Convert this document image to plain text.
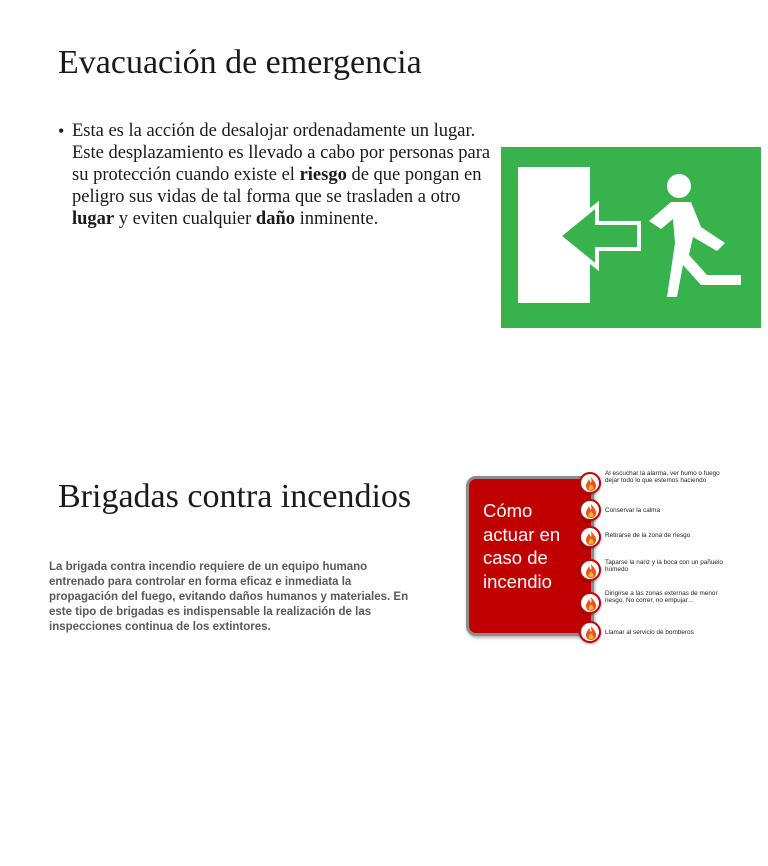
Evacuación de emergencia
• Esta es la acción de desalojar ordenadamente un lugar. Este desplazamiento es llevado a cabo por personas para su protección cuando existe el riesgo de que pongan en peligro sus vidas de tal forma que se trasladen a otro lugar y eviten cualquier daño inminente.
Brigadas contra incendios
La brigada contra incendio requiere de un equipo humano entrenado para controlar en forma eficaz e inmediata la propagación del fuego, evitando daños humanos y materiales. En este tipo de brigadas es indispensable la realización de las inspecciones continua de los extintores.
Cómo actuar en caso de incendio
Al escuchar la alarma, ver humo o fuego dejar todo lo que estemos haciendo
Conservar la calma
Retirarse de la zona de riesgo
Taparse la nariz y la boca con un pañuelo húmedo
Dirigirse a las zonas externas de menor riesgo. No correr, no empujar…
Llamar al servicio de bomberos
